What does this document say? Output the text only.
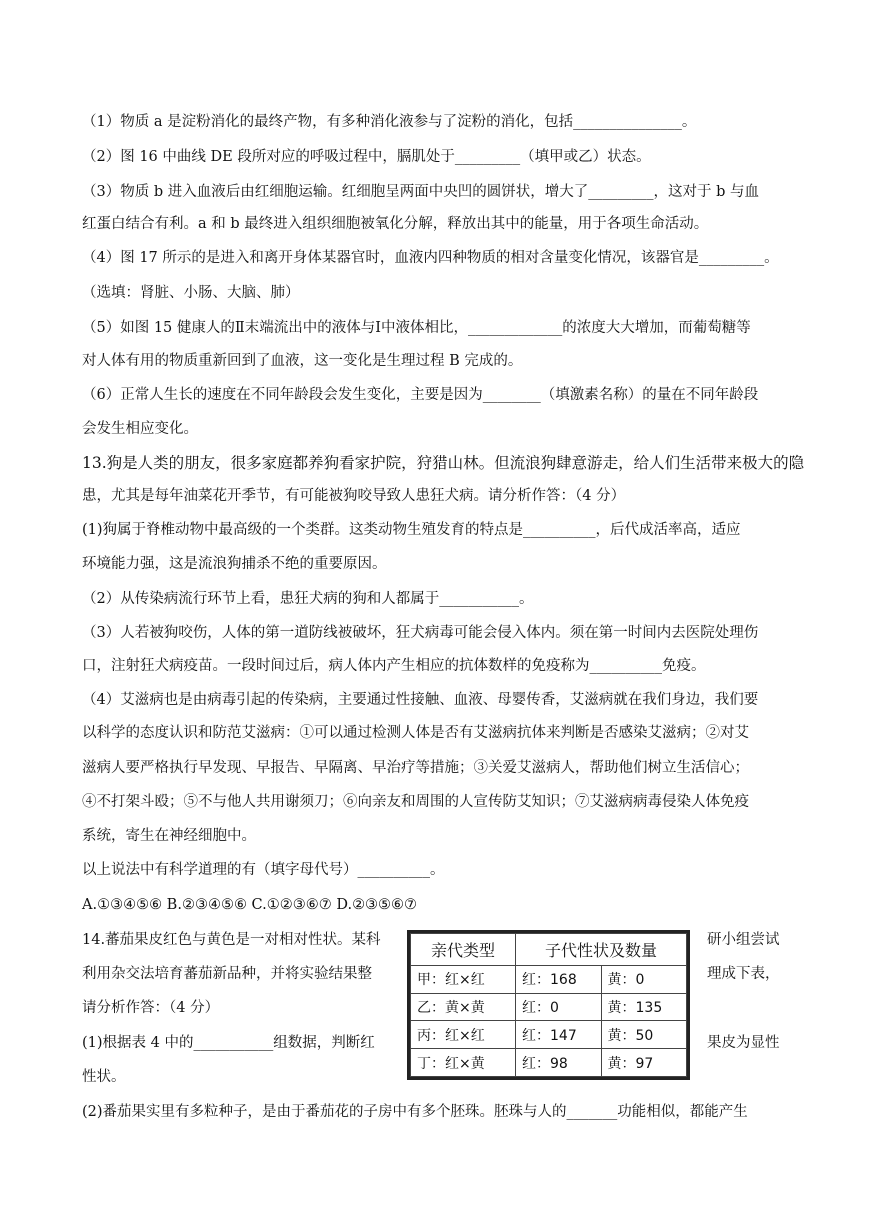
（1）物质 a 是淀粉消化的最终产物，有多种消化液参与了淀粉的消化，包括_______________。
（2）图 16 中曲线 DE 段所对应的呼吸过程中，膈肌处于_________（填甲或乙）状态。
（3）物质 b 进入血液后由红细胞运输。红细胞呈两面中央凹的圆饼状，增大了_________，这对于 b 与血
红蛋白结合有利。a 和 b 最终进入组织细胞被氧化分解，释放出其中的能量，用于各项生命活动。
（4）图 17 所示的是进入和离开身体某器官时，血液内四种物质的相对含量变化情况，该器官是_________。
（选填：肾脏、小肠、大脑、肺）
（5）如图 15 健康人的Ⅱ末端流出中的液体与Ⅰ中液体相比，_____________的浓度大大增加，而葡萄糖等
对人体有用的物质重新回到了血液，这一变化是生理过程 B 完成的。
（6）正常人生长的速度在不同年龄段会发生变化，主要是因为________（填激素名称）的量在不同年龄段
会发生相应变化。
13.狗是人类的朋友，很多家庭都养狗看家护院，狩猎山林。但流浪狗肆意游走，给人们生活带来极大的隐
患，尤其是每年油菜花开季节，有可能被狗咬导致人患狂犬病。请分析作答：（4 分）
(1)狗属于脊椎动物中最高级的一个类群。这类动物生殖发育的特点是__________，后代成活率高，适应
环境能力强，这是流浪狗捕杀不绝的重要原因。
（2）从传染病流行环节上看，患狂犬病的狗和人都属于___________。
（3）人若被狗咬伤，人体的第一道防线被破坏，狂犬病毒可能会侵入体内。须在第一时间内去医院处理伤
口，注射狂犬病疫苗。一段时间过后，病人体内产生相应的抗体数样的免疫称为__________免疫。
（4）艾滋病也是由病毒引起的传染病，主要通过性接触、血液、母婴传香，艾滋病就在我们身边，我们要
以科学的态度认识和防范艾滋病：①可以通过检测人体是否有艾滋病抗体来判断是否感染艾滋病；②对艾
滋病人要严格执行早发现、早报告、早隔离、早治疗等措施；③关爱艾滋病人，帮助他们树立生活信心；
④不打架斗殴；⑤不与他人共用谢须刀；⑥向亲友和周围的人宣传防艾知识；⑦艾滋病病毒侵染人体免疫
系统，寄生在神经细胞中。
以上说法中有科学道理的有（填字母代号）__________。
A.①③④⑤⑥ B.②③④⑤⑥ C.①②③⑥⑦ D.②③⑤⑥⑦
14.蕃茄果皮红色与黄色是一对相对性状。某科
利用杂交法培育蕃茄新品种，并将实验结果整
请分析作答：（4 分）
(1)根据表 4 中的___________组数据，判断红
性状。
研小组尝试
理成下表，
果皮为显性
(2)番茄果实里有多粒种子，是由于番茄花的子房中有多个胚珠。胚珠与人的_______功能相似，都能产生
亲代类型	子代性状及数量	
甲：红×红	红：168	黄：0
乙：黄×黄	红：0	黄：135
丙：红×红	红：147	黄：50
丁：红×黄	红：98	黄：97
